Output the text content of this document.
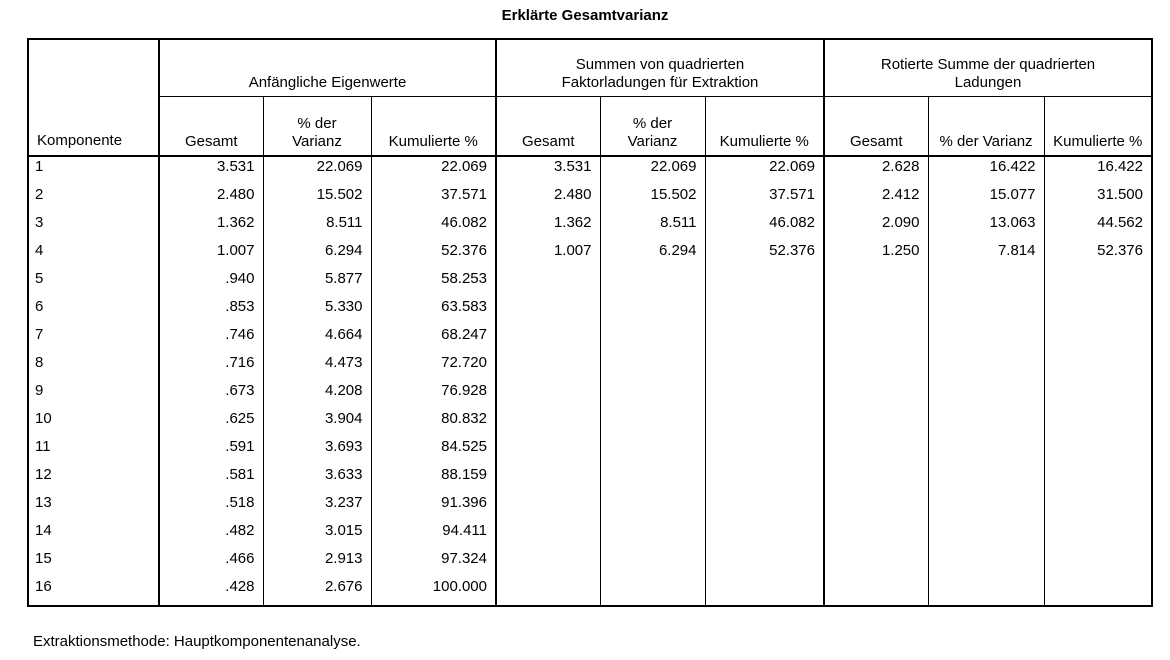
Erklärte Gesamtvarianz
Komponente	Anfängliche Eigenwerte			Summen von quadrierten Faktorladungen für Extraktion			Rotierte Summe der quadrierten Ladungen		
	Gesamt	% der Varianz	Kumulierte %	Gesamt	% der Varianz	Kumulierte %	Gesamt	% der Varianz	Kumulierte %
1	3.531	22.069	22.069	3.531	22.069	22.069	2.628	16.422	16.422
2	2.480	15.502	37.571	2.480	15.502	37.571	2.412	15.077	31.500
3	1.362	8.511	46.082	1.362	8.511	46.082	2.090	13.063	44.562
4	1.007	6.294	52.376	1.007	6.294	52.376	1.250	7.814	52.376
5	.940	5.877	58.253						
6	.853	5.330	63.583						
7	.746	4.664	68.247						
8	.716	4.473	72.720						
9	.673	4.208	76.928						
10	.625	3.904	80.832						
11	.591	3.693	84.525						
12	.581	3.633	88.159						
13	.518	3.237	91.396						
14	.482	3.015	94.411						
15	.466	2.913	97.324						
16	.428	2.676	100.000						
Extraktionsmethode: Hauptkomponentenanalyse.
